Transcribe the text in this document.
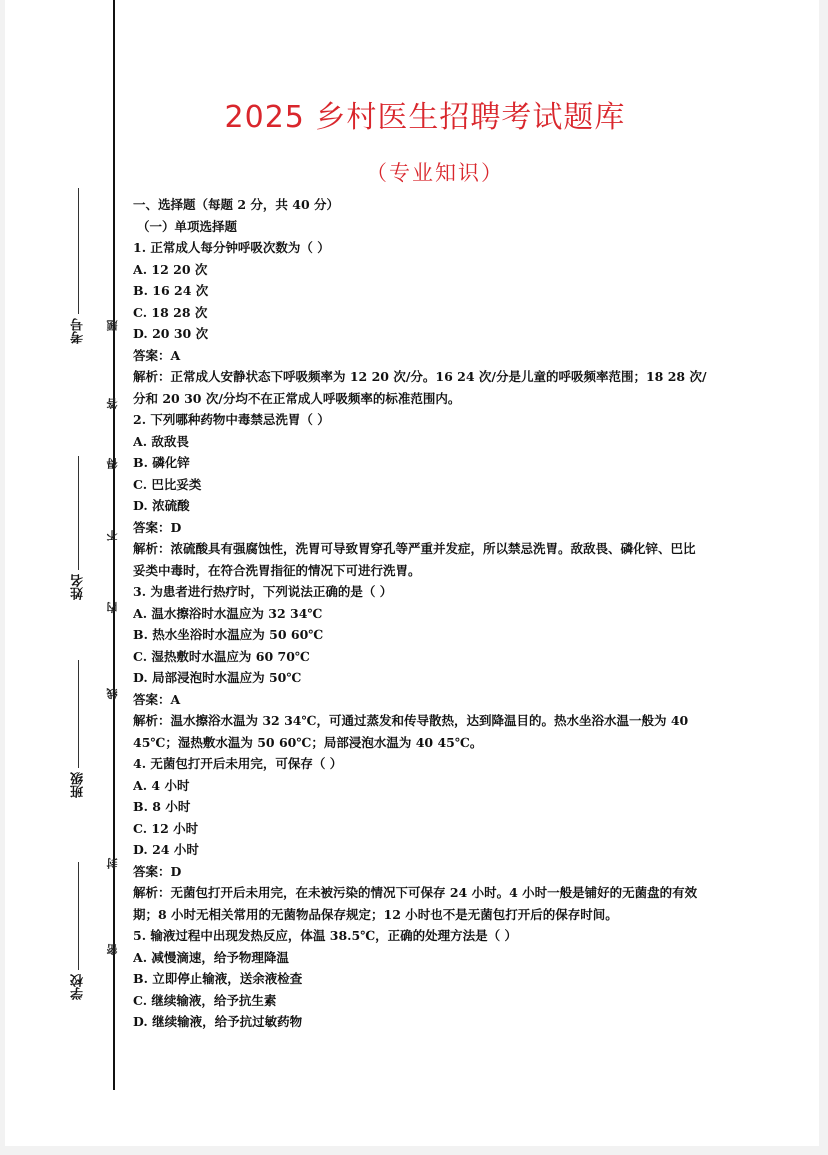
考号
姓名
班级
学校
题
答
得
不
内
线
封
密
2025 乡村医生招聘考试题库
（专业知识）
一、选择题（每题 2 分，共 40 分）
（一）单项选择题
1. 正常成人每分钟呼吸次数为（ ）
A. 12 20 次
B. 16 24 次
C. 18 28 次
D. 20 30 次
答案：A
解析：正常成人安静状态下呼吸频率为 12 20 次/分。16 24 次/分是儿童的呼吸频率范围；18 28 次/分和 20 30 次/分均不在正常成人呼吸频率的标准范围内。
2. 下列哪种药物中毒禁忌洗胃（ ）
A. 敌敌畏
B. 磷化锌
C. 巴比妥类
D. 浓硫酸
答案：D
解析：浓硫酸具有强腐蚀性，洗胃可导致胃穿孔等严重并发症，所以禁忌洗胃。敌敌畏、磷化锌、巴比妥类中毒时，在符合洗胃指征的情况下可进行洗胃。
3. 为患者进行热疗时，下列说法正确的是（ ）
A. 温水擦浴时水温应为 32 34℃
B. 热水坐浴时水温应为 50 60℃
C. 湿热敷时水温应为 60 70℃
D. 局部浸泡时水温应为 50℃
答案：A
解析：温水擦浴水温为 32 34℃，可通过蒸发和传导散热，达到降温目的。热水坐浴水温一般为 40 45℃；湿热敷水温为 50 60℃；局部浸泡水温为 40 45℃。
4. 无菌包打开后未用完，可保存（ ）
A. 4 小时
B. 8 小时
C. 12 小时
D. 24 小时
答案：D
解析：无菌包打开后未用完，在未被污染的情况下可保存 24 小时。4 小时一般是铺好的无菌盘的有效期；8 小时无相关常用的无菌物品保存规定；12 小时也不是无菌包打开后的保存时间。
5. 输液过程中出现发热反应，体温 38.5℃，正确的处理方法是（ ）
A. 减慢滴速，给予物理降温
B. 立即停止输液，送余液检查
C. 继续输液，给予抗生素
D. 继续输液，给予抗过敏药物
